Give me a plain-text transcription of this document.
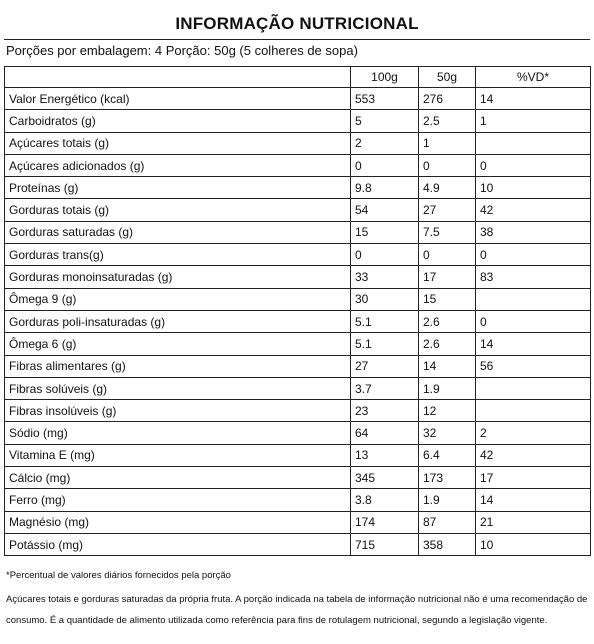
INFORMAÇÃO NUTRICIONAL
Porções por embalagem: 4 Porção: 50g (5 colheres de sopa)
	100g	50g	%VD*
Valor Energético (kcal)	553	276	14
Carboidratos (g)	5	2.5	1
Açúcares totais (g)	2	1	
Açúcares adicionados (g)	0	0	0
Proteínas (g)	9.8	4.9	10
Gorduras totais (g)	54	27	42
Gorduras saturadas (g)	15	7.5	38
Gorduras trans(g)	0	0	0
Gorduras monoinsaturadas (g)	33	17	83
Ômega 9 (g)	30	15	
Gorduras poli-insaturadas (g)	5.1	2.6	0
Ômega 6 (g)	5.1	2.6	14
Fibras alimentares (g)	27	14	56
Fibras solúveis (g)	3.7	1.9	
Fibras insolúveis (g)	23	12	
Sódio (mg)	64	32	2
Vitamina E (mg)	13	6.4	42
Cálcio (mg)	345	173	17
Ferro (mg)	3.8	1.9	14
Magnésio (mg)	174	87	21
Potássio (mg)	715	358	10
*Percentual de valores diários fornecidos pela porção
Açúcares totais e gorduras saturadas da própria fruta. A porção indicada na tabela de informação nutricional não é uma recomendação de consumo. É a quantidade de alimento utilizada como referência para fins de rotulagem nutricional, segundo a legislação vigente.
